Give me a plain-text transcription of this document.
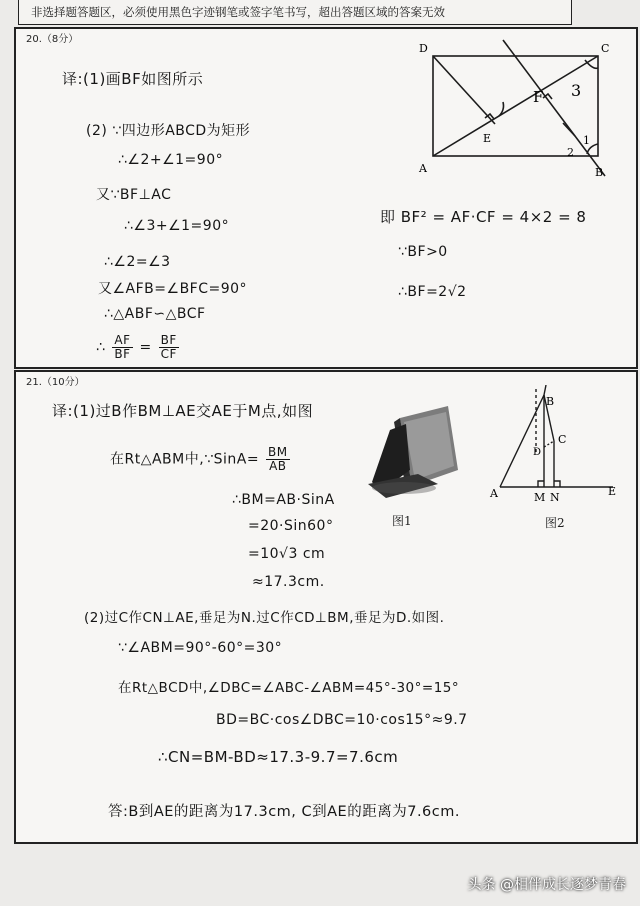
非选择题答题区，必须使用黑色字迹钢笔或签字笔书写，超出答题区域的答案无效
20.（8分）
译:(1)画BF如图所示
(2) ∵四边形ABCD为矩形
∴∠2+∠1=90°
又∵BF⊥AC
∴∠3+∠1=90°
∴∠2=∠3
又∠AFB=∠BFC=90°
∴△ABF∽△BCF
∴ $\frac{AF}{BF} = \frac{BF}{CF}$
即 BF² = AF·CF = 4×2 = 8
∵BF>0
∴BF=2√2
D	C
A	B
E
F 3
1
2
21.（10分）
译:(1)过B作BM⊥AE交AE于M点,如图
在Rt△ABM中,∵SinA= $\frac{BM}{AB}$
∴BM=AB·SinA
=20·Sin60°
=10√3 cm
≈17.3cm.
(2)过C作CN⊥AE,垂足为N.过C作CD⊥BM,垂足为D.如图.
∵∠ABM=90°-60°=30°
在Rt△BCD中,∠DBC=∠ABC-∠ABM=45°-30°=15°
BD=BC·cos∠DBC=10·cos15°≈9.7
∴CN=BM-BD≈17.3-9.7=7.6cm
答:B到AE的距离为17.3cm, C到AE的距离为7.6cm.
图1
B
C
D
A	M N	E
图2
头条 @相伴成长逐梦青春
